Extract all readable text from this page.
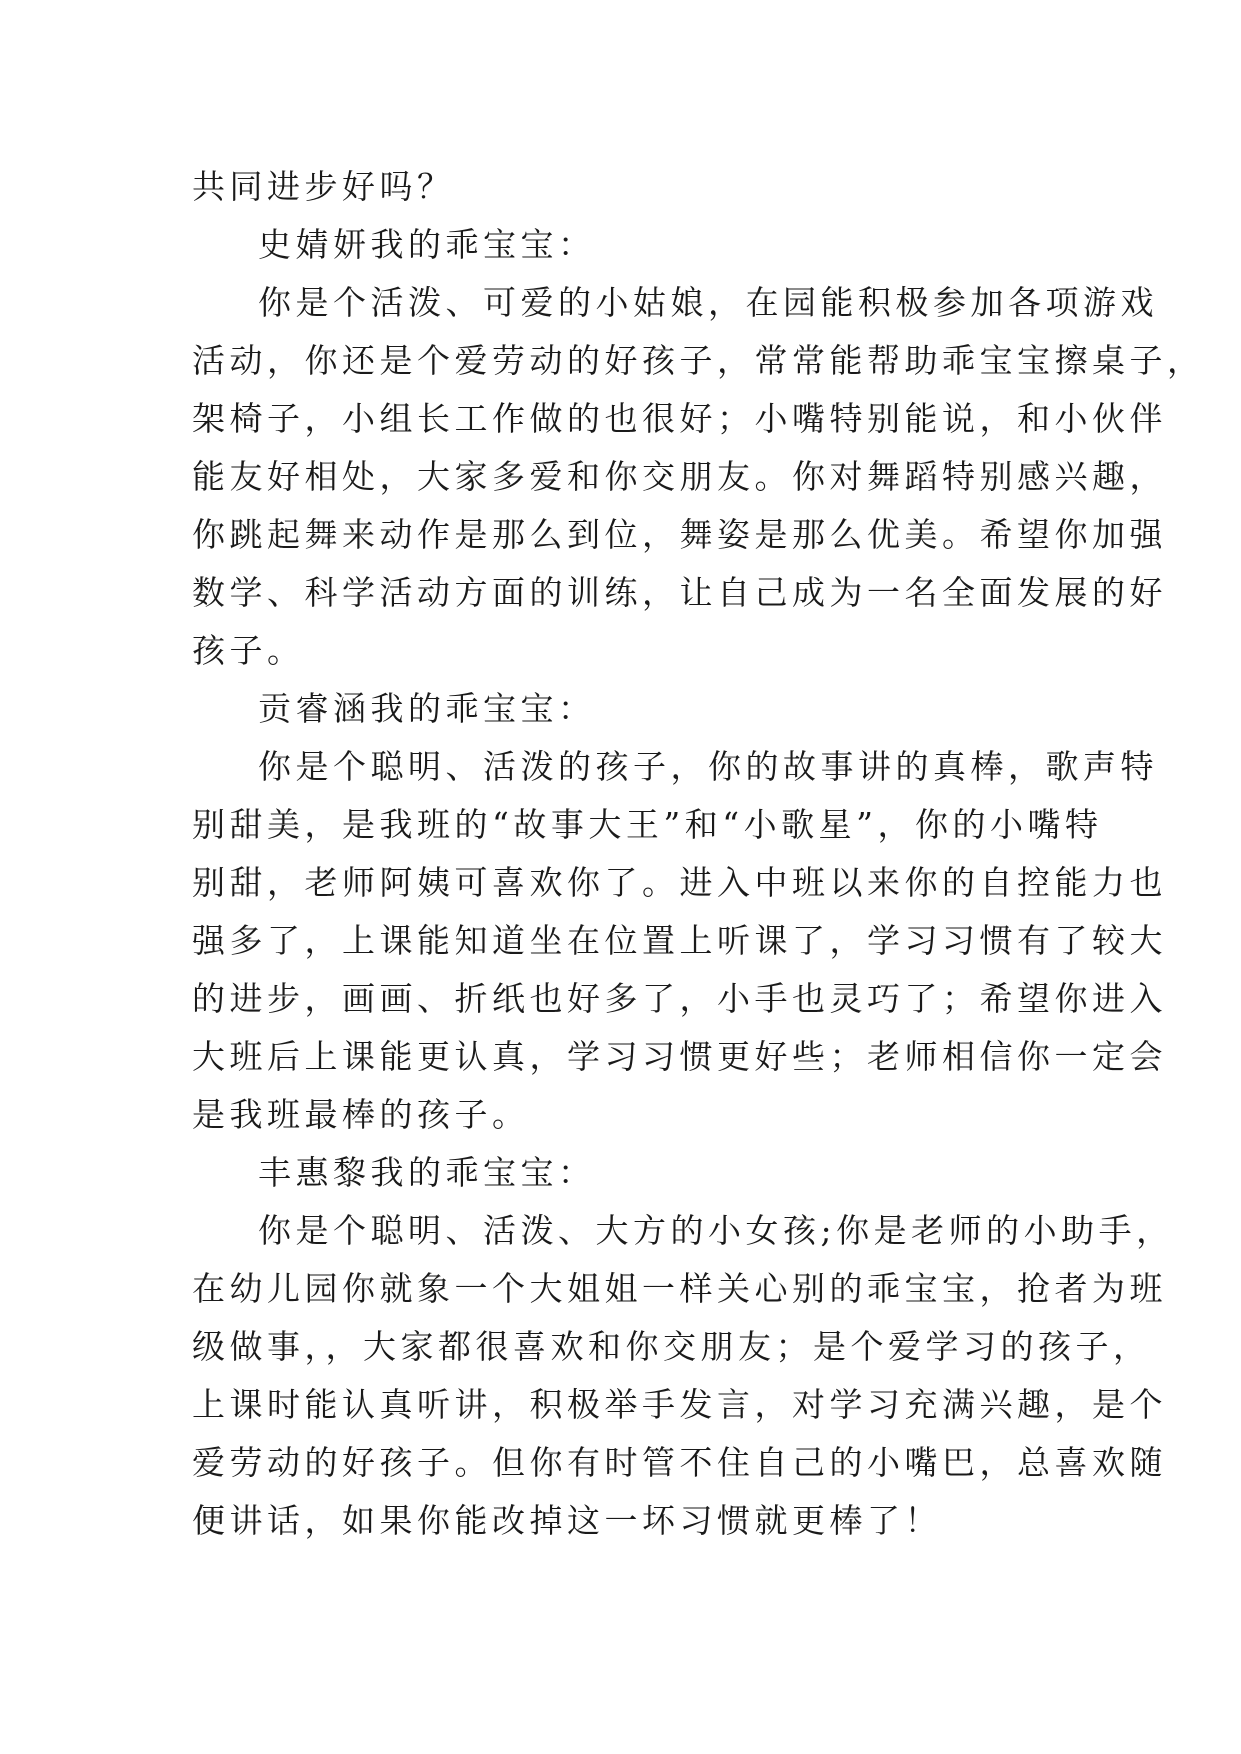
共同进步好吗？
史婧妍我的乖宝宝：
你是个活泼、可爱的小姑娘，在园能积极参加各项游戏
活动，你还是个爱劳动的好孩子，常常能帮助乖宝宝擦桌子，
架椅子，小组长工作做的也很好；小嘴特别能说，和小伙伴
能友好相处，大家多爱和你交朋友。你对舞蹈特别感兴趣，
你跳起舞来动作是那么到位，舞姿是那么优美。希望你加强
数学、科学活动方面的训练，让自己成为一名全面发展的好
孩子。
贡睿涵我的乖宝宝：
你是个聪明、活泼的孩子，你的故事讲的真棒，歌声特
别甜美，是我班的“故事大王”和“小歌星”，你的小嘴特
别甜，老师阿姨可喜欢你了。进入中班以来你的自控能力也
强多了，上课能知道坐在位置上听课了，学习习惯有了较大
的进步，画画、折纸也好多了，小手也灵巧了；希望你进入
大班后上课能更认真，学习习惯更好些；老师相信你一定会
是我班最棒的孩子。
丰惠黎我的乖宝宝：
你是个聪明、活泼、大方的小女孩;你是老师的小助手，
在幼儿园你就象一个大姐姐一样关心别的乖宝宝，抢者为班
级做事，，大家都很喜欢和你交朋友；是个爱学习的孩子，
上课时能认真听讲，积极举手发言，对学习充满兴趣，是个
爱劳动的好孩子。但你有时管不住自己的小嘴巴，总喜欢随
便讲话，如果你能改掉这一坏习惯就更棒了！
